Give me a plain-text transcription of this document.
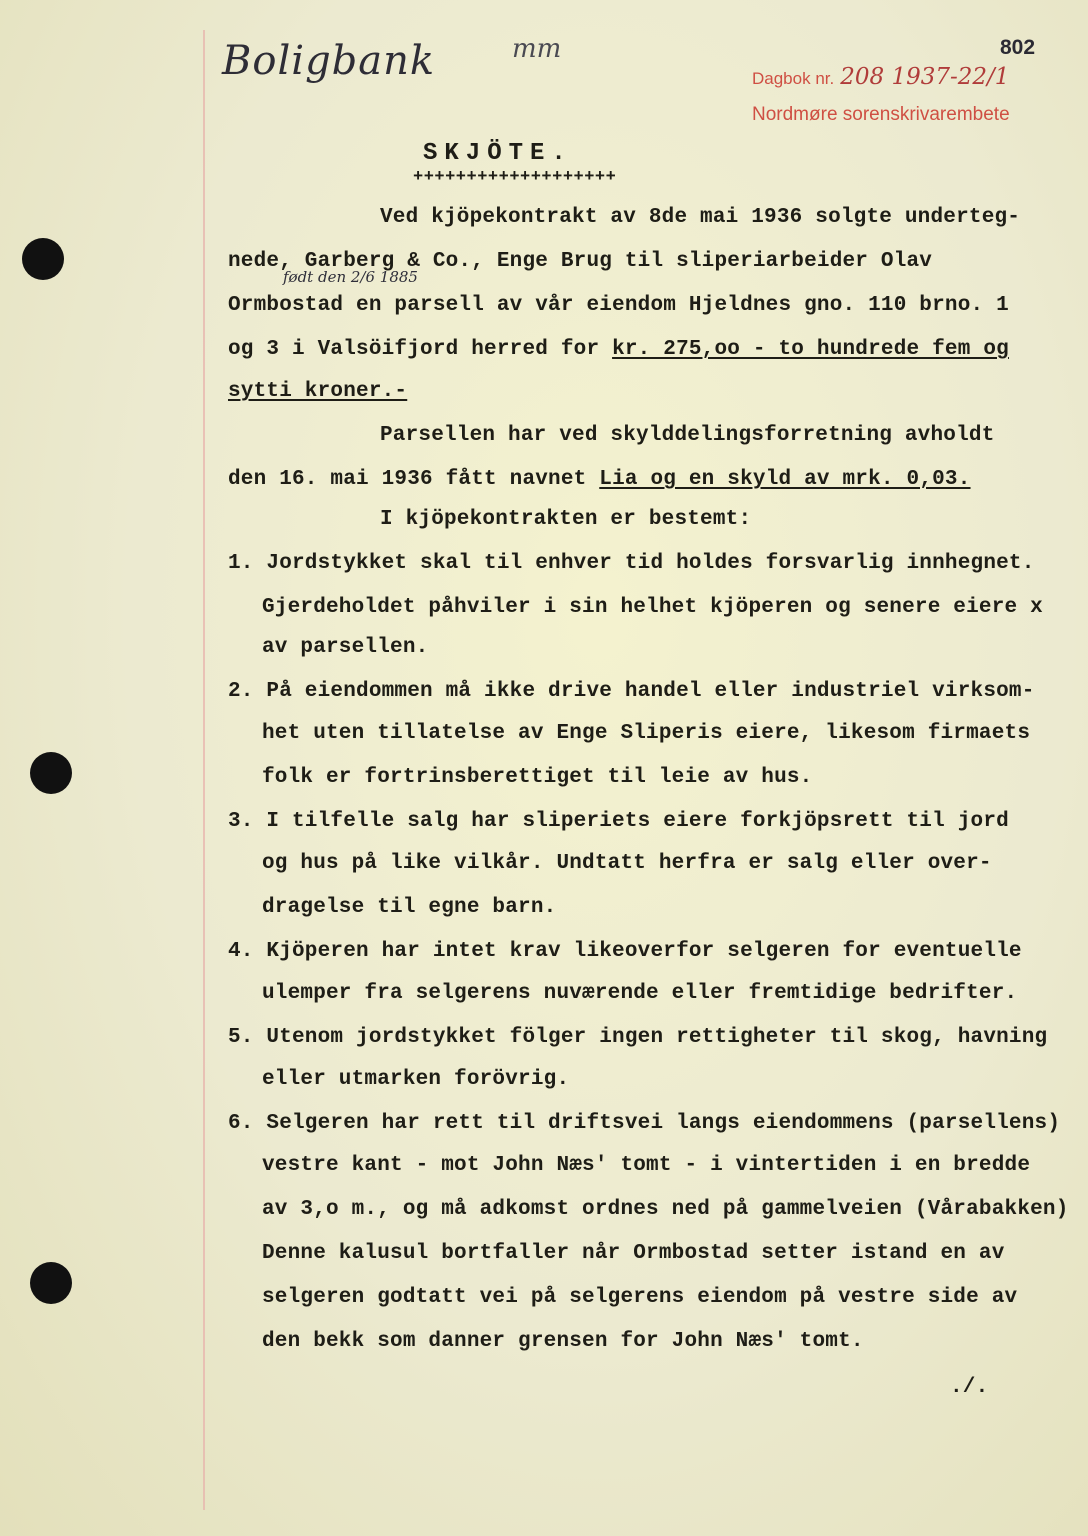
Boligbank	mm	802
Dagbok nr. 208 1937-22/1
Nordmøre sorenskrivarembete
SKJÖTE.
+++++++++++++++++++
Ved kjöpekontrakt av 8de mai 1936 solgte underteg-
nede, Garberg & Co., Enge Brug til sliperiarbeider Olav
født den 2/6 1885
Ormbostad en parsell av vår eiendom Hjeldnes gno. 110 brno. 1
og 3 i Valsöifjord herred for kr. 275,oo - to hundrede fem og
sytti kroner.-
Parsellen har ved skylddelingsforretning avholdt
den 16. mai 1936 fått navnet Lia og en skyld av mrk. 0,03.
I kjöpekontrakten er bestemt:
1. Jordstykket skal til enhver tid holdes forsvarlig innhegnet.
Gjerdeholdet påhviler i sin helhet kjöperen og senere eiere x
av parsellen.
2. På eiendommen må ikke drive handel eller industriel virksom-
het uten tillatelse av Enge Sliperis eiere, likesom firmaets
folk er fortrinsberettiget til leie av hus.
3. I tilfelle salg har sliperiets eiere forkjöpsrett til jord
og hus på like vilkår. Undtatt herfra er salg eller over-
dragelse til egne barn.
4. Kjöperen har intet krav likeoverfor selgeren for eventuelle
ulemper fra selgerens nuværende eller fremtidige bedrifter.
5. Utenom jordstykket fölger ingen rettigheter til skog, havning
eller utmarken forövrig.
6. Selgeren har rett til driftsvei langs eiendommens (parsellens)
vestre kant - mot John Næs' tomt - i vintertiden i en bredde
av 3,o m., og må adkomst ordnes ned på gammelveien (Vårabakken)
Denne kalusul bortfaller når Ormbostad setter istand en av
selgeren godtatt vei på selgerens eiendom på vestre side av
den bekk som danner grensen for John Næs' tomt.
./.
